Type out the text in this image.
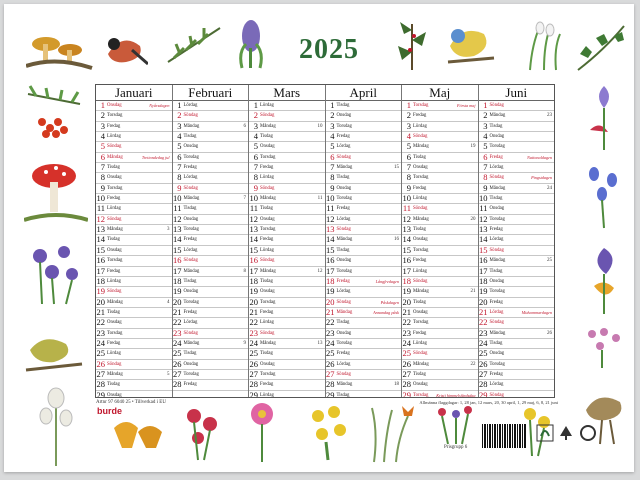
2025
Januari
1 Onsdag	Nyårsdagen
2 Torsdag
3 Fredag
4 Lördag
5 Söndag
6 Måndag	Trettondedag jul
7 Tisdag
8 Onsdag
9 Torsdag
10 Fredag
11 Lördag
12 Söndag
13 Måndag	3
14 Tisdag
15 Onsdag
16 Torsdag
17 Fredag
18 Lördag
19 Söndag
20 Måndag	4
21 Tisdag
22 Onsdag
23 Torsdag
24 Fredag
25 Lördag
26 Söndag
27 Måndag	5
28 Tisdag
29 Onsdag
Februari
1 Lördag
2 Söndag
3 Måndag	6
4 Tisdag
5 Onsdag
6 Torsdag
7 Fredag
8 Lördag
9 Söndag
10 Måndag	7
11 Tisdag
12 Onsdag
13 Torsdag
14 Fredag
15 Lördag
16 Söndag
17 Måndag	8
18 Tisdag
19 Onsdag
20 Torsdag
21 Fredag
22 Lördag
23 Söndag
24 Måndag	9
25 Tisdag
26 Onsdag
27 Torsdag
28 Fredag
Mars
1 Lördag
2 Söndag
3 Måndag	10
4 Tisdag
5 Onsdag
6 Torsdag
7 Fredag
8 Lördag
9 Söndag
10 Måndag	11
11 Tisdag
12 Onsdag
13 Torsdag
14 Fredag
15 Lördag
16 Söndag
17 Måndag	12
18 Tisdag
19 Onsdag
20 Torsdag
21 Fredag
22 Lördag
23 Söndag
24 Måndag	13
25 Tisdag
26 Onsdag
27 Torsdag
28 Fredag
29 Lördag
April
1 Tisdag
2 Onsdag
3 Torsdag
4 Fredag
5 Lördag
6 Söndag
7 Måndag	15
8 Tisdag
9 Onsdag
10 Torsdag
11 Fredag
12 Lördag
13 Söndag
14 Måndag	16
15 Tisdag
16 Onsdag
17 Torsdag
18 Fredag	Långfredagen
19 Lördag
20 Söndag	Påskdagen
21 Måndag	Annandag påsk
22 Tisdag
23 Onsdag
24 Torsdag
25 Fredag
26 Lördag
27 Söndag
28 Måndag	18
29 Tisdag
Maj
1 Torsdag	Första maj
2 Fredag
3 Lördag
4 Söndag
5 Måndag	19
6 Tisdag
7 Onsdag
8 Torsdag
9 Fredag
10 Lördag
11 Söndag
12 Måndag	20
13 Tisdag
14 Onsdag
15 Torsdag
16 Fredag
17 Lördag
18 Söndag
19 Måndag	21
20 Tisdag
21 Onsdag
22 Torsdag
23 Fredag
24 Lördag
25 Söndag
26 Måndag	22
27 Tisdag
28 Onsdag
29 Torsdag Kristi himmelsfärdsdag
Juni
1 Söndag
2 Måndag	23
3 Tisdag
4 Onsdag
5 Torsdag
6 Fredag	Nationaldagen
7 Lördag
8 Söndag	Pingstdagen
9 Måndag	24
10 Tisdag
11 Onsdag
12 Torsdag
13 Fredag
14 Lördag
15 Söndag
16 Måndag	25
17 Tisdag
18 Onsdag
19 Torsdag
20 Fredag
21 Lördag	Midsommardagen
22 Söndag
23 Måndag	26
24 Tisdag
25 Onsdag
26 Torsdag
27 Fredag
28 Lördag
29 Söndag
Artnr 97 6040 25 • Tillverkad i EU
burde
Allmänna flaggdagar: 1, 28 jan, 12 mars, 20, 30 april, 1, 29 maj, 6, 8, 21 juni
Prisgrupp 6
